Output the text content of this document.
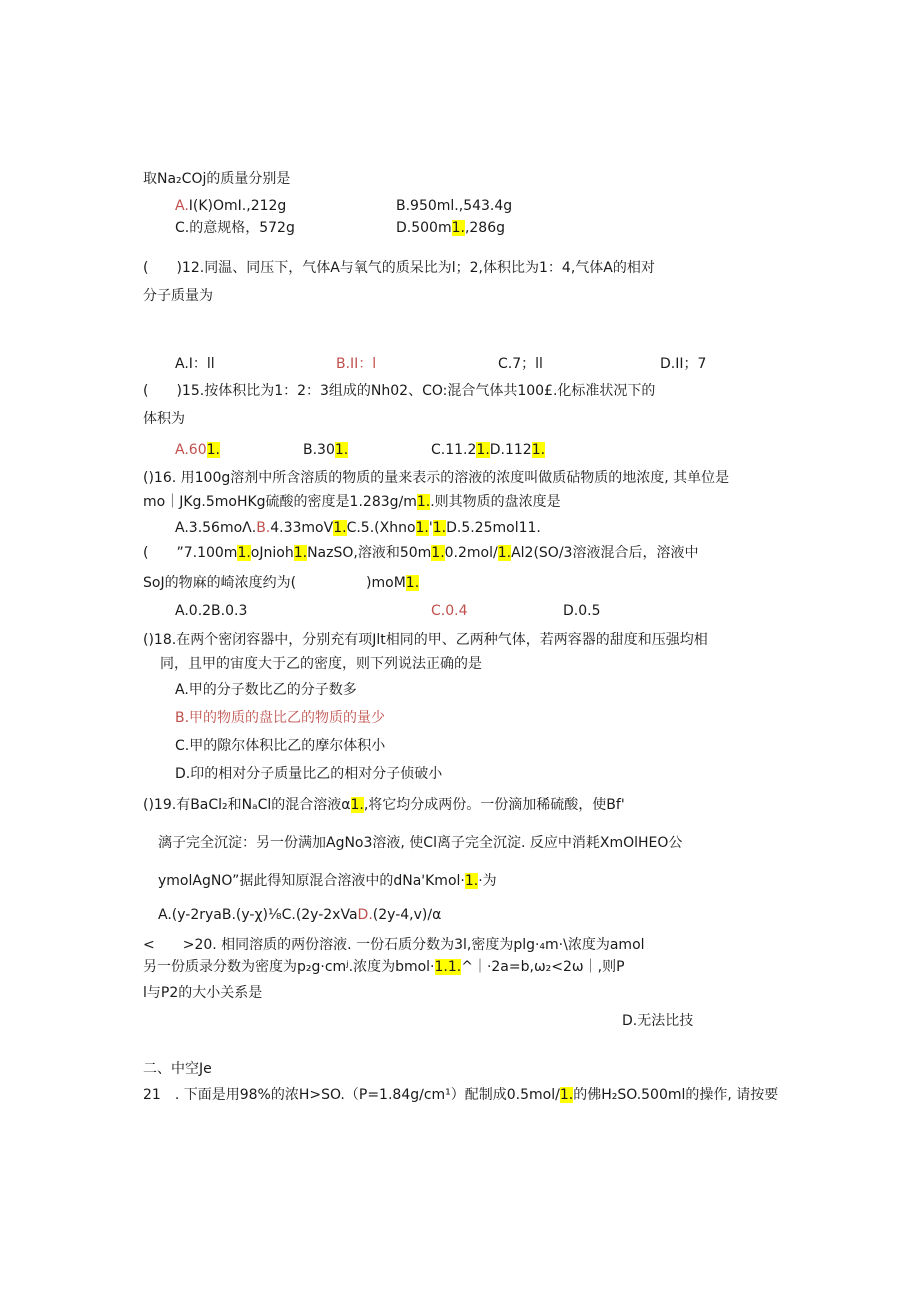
取Na₂COj的质量分别是
A.I(K)OmI.,212g	B.950ml.,543.4g
C.的意规格，572g	D.500m1.,286g
(　　)12.同温、同压下，气体A与氧气的质呆比为l；2,体积比为1：4,气体A的相对
分子质量为
A.I：ll	B.II：l	C.7；ll	D.II；7
(　　)15.按体积比为1：2：3组成的Nh02、CO:混合气体共100£.化标准状况下的
体积为
A.601.	B.301.	C.11.21.D.1121.
()16. 用100g溶剂中所含溶质的物质的量来表示的溶液的浓度叫做质砧物质的地浓度, 其单位是
mo｜JKg.5moHKg硫酸的密度是1.283g∕m1..则其物质的盘浓度是
A.3.56moΛ.B.4.33moV1.C.5.(Xhno1.'1.D.5.25mol11.
(　　”7.100m1.oJnioh1.NazSO,溶液和50m1.0.2mol/1.Al2(SO/3溶液混合后，溶液中
SoJ的物麻的崎浓度约为(　　　　　)moM1.
A.0.2B.0.3	C.0.4	D.0.5
()18.在两个密闭容器中，分别充有项Jlt相同的甲、乙两种气体，若两容器的甜度和压强均相
同，且甲的宙度大于乙的密度，则下列说法正确的是
A.甲的分子数比乙的分子数多
B.甲的物质的盘比乙的物质的量少
C.甲的隙尔体积比乙的摩尔体积小
D.印的相对分子质量比乙的相对分子侦破小
()19.有BaCl₂和NₐCl的混合溶液α1.,将它均分成两份。一份滴加稀硫酸，使Bf'
漓子完全沉淀：另一份满加AgNo3溶液, 使Cl离子完全沉淀. 反应中消耗XmOlHEO公
ymolAgNO”据此得知原混合溶液中的dNa'Kmol·1.·为
A.(y-2ryaB.(y-χ)⅛C.(2y-2xVaD.(2y-4,v)∕α
<　　>20. 相同溶质的两份溶液. 一份石质分数为3l,密度为plg·₄m·\浓度为amol
另一份质录分数为密度为p₂g·cmʲ.浓度为bmol·1.1.^｜·2a=b,ω₂<2ω｜,则P
l与P2的大小关系是
D.无法比技
二、中空Je
21　. 下面是用98%的浓H>SO.（P=1.84g∕cm¹）配制成0.5mol/1.的佛H₂SO.500ml的操作, 请按要
